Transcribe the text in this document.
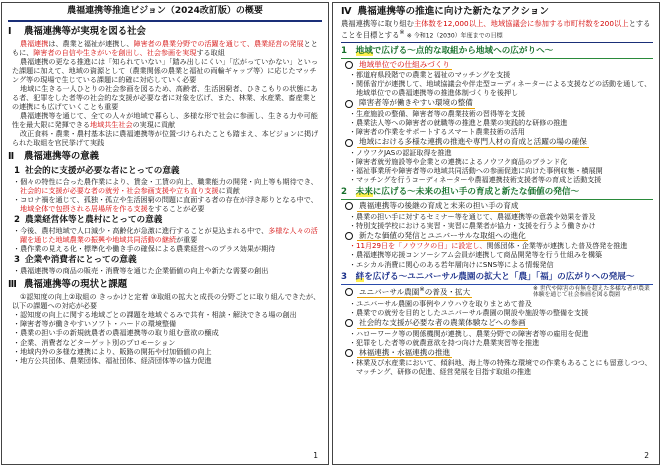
農福連携等推進ビジョン（2024改訂版）の概要
Ⅰ	農福連携等が実現を図る社会
農福連携は、農業と福祉が連携し、障害者の農業分野での活躍を通じて、農業経営の発展とともに、障害者の自信や生きがいを創出し、社会参画を実現する取組
農福連携の更なる推進には「知られていない」「踏み出しにくい」「広がっていかない」といった課題に加えて、地域の資源として（農業関係の農業と福祉の両輪ギャップ等）に応じたマッチング等の現場で生じている課題に的確に対応していく必要
地域に生きる一人ひとりの社会参画を図るため、高齢者、生活困窮者、ひきこもりの状態にある者、犯罪をした者等の社会的な支援が必要な者に対象を広げ、また、林業、水産業、畜産業との連携にも広げていくことも重要
農福連携等を通じて、全ての人々が地域で暮らし、多様な形で社会に参画し、生きる力や可能性を最大限に発揮できる地域共生社会の実現に貢献
改正食料・農業・農村基本法に農福連携等が位置づけられたことも踏まえ、本ビジョンに掲げられた取組を官民挙げて実践
Ⅱ	農福連携等の意義
1 社会的に支援が必要な者にとっての意義
・個々の特性に合った農作業により、賃金・工賃の向上、職業能力の開発・向上等も期待でき、社会的に支援が必要な者の就労・社会参画支援や立ち直り支援に貢献
・コロナ禍を通じて、孤独・孤立や生活困窮の問題に直面する者の存在が浮き彫りとなる中で、地域全体で包摂される居場所を作る支援をすることが必要
2 農業経営体等と農村にとっての意義
・今後、農村地域で人口減少・高齢化が急激に進行することが見込まれる中で、多様な人々の活躍を通じた地域農業の振興や地域共同活動の継続が重要
・農作業の見える化・標準化や働き手の確保による農業経営へのプラス効果が期待
3 企業や消費者にとっての意義
・農福連携等の商品の販売・消費等を通じた企業価値の向上や新たな需要の創出
Ⅲ 農福連携等の現状と課題
①認知度の向上②取組の きっかけと定着 ③取組の拡大と成長の分野ごとに取り組んできたが、以下の課題への対応が必要
・認知度の向上に関する地域ごとの課題を地域ぐるみで共有・相談・解決できる場の創出
・障害者等が働きやすいソフト・ハードの環境整備
・農業の担い手の新規就農者の農福連携等の取り組む意欲の醸成
・企業、消費者などターゲット別のプロモーション
・地域内外の多様な連携により、販路の開拓や付加価値の向上
・地方公共団体、農業団体、福祉団体、経済団体等の協力促進
1
Ⅳ 農福連携等の推進に向けた新たなアクション
農福連携等に取り組む主体数を12,000以上、地域協議会に参加する市町村数を200以上とすることを目標とする※ ※ 令和12（2030）年度までの目標
1　 地域で広げる～点的な取組から地域への広がりへ～
地域単位での仕組みづくり
・都道府県段階での農業と福祉のマッチングを支援
・関係省庁が連携して、地域協議会や伴走型コーディネーターによる支援などの活動を通して、地域単位での農福連携等の推進体制づくりを後押し
障害者等が働きやすい環境の整備
・生産施設の整備、障害者等の農業技術の習得等を支援
・農業法人等への障害者の就職等の推進と農業の実践的な研修の推進
・障害者の作業をサポートするスマート農業技術の活用
地域における多様な連携の推進や専門人材の育成と活躍の場の確保
・ノウフクJASの認証取得を推進
・障害者就労施設等や企業との連携によるノウフク商品のブランド化
・福祉事業所や障害者等の地域共同活動への参画促進に向けた事例収集・横展開
・マッチングを行うコーディネーターや農福連携技術支援者等の育成と活動支援
2　 未来に広げる～未来の担い手の育成と新たな価値の発信～
農福連携等の後継の育成と未来の担い手の育成
・農業の担い手に対するセミナー等を通じて、農福連携等の意義や効果を普及
・特別支援学校における実習・実習に農業者が協力・支援を行うよう働きかけ
新たな価値の発信とユニバーサルな取組への進化
・11月29日を「ノウフクの日」に設定し、関係団体・企業等が連携した普及啓発を推進
・農福連携等応援コンソーシアム会員が連携して商品開発等を行う仕組みを構築
・エシカル消費に関心のある若年層向けにSNS等による情報発信
3　 絆を広げる～ユニバーサル農園の拡大と「農」「福」の広がりへの発展～
ユニバーサル農園※の普及・拡大	※ 世代や障害の有無を超えた多様な者が農業体験を通じて社会参画を図る農園
・ユニバーサル農園の事例やノウハウを取りまとめて普及
・農業での就労を目的としたユニバーサル農園の開設や施設等の整備を支援
社会的な支援が必要な者の農業体験などへの参画
・ハローワーク等の関係機関が連携し、農業分野での障害者等の雇用を促進
・犯罪をした者等の就農意欲を持つ向けた農業実習等を推進
林福連携・水福連携の推進
・林業及び水産業において、傾斜地、海上等の特殊な環境での作業もあることにも留意しつつ、マッチング、研修の促進、経営発展を目指す取組の推進
2
